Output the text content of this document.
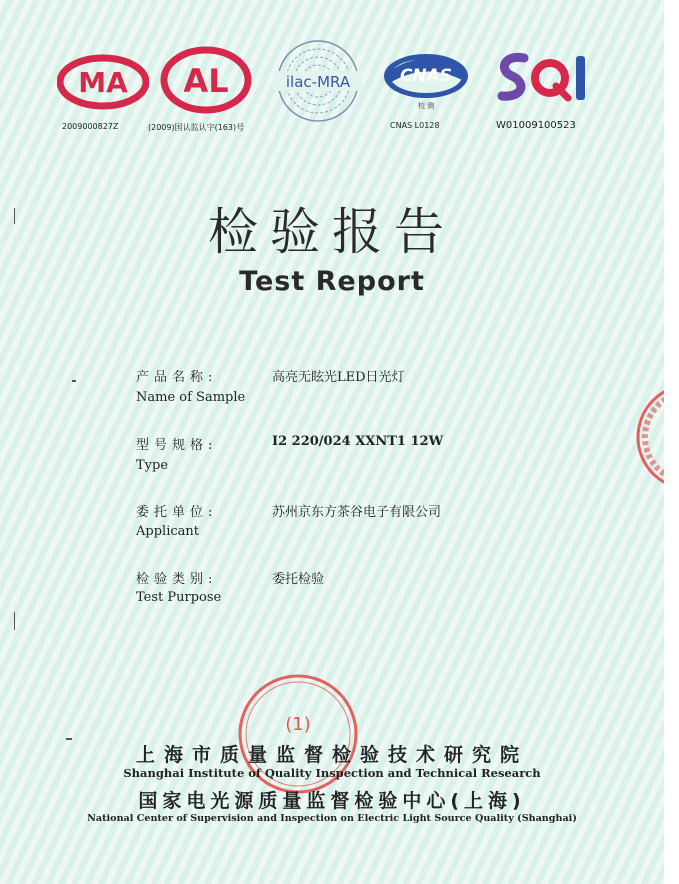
MA
2009000827Z
AL
(2009)国认监认字(163)号
ilac-MRA	CNAS
校 测
CNAS L0128	W01009100523
检验报告
Test Report
产品名称:
Name of Sample
高亮无眩光LED日光灯
型号规格:
Type
I2 220/024 XXNT1 12W
委托单位:
Applicant
苏州京东方茶谷电子有限公司
检验类别:
Test Purpose
委托检验
(1)
上海市质量监督检验技术研究院
Shanghai Institute of Quality Inspection and Technical Research
国家电光源质量监督检验中心(上海)
National Center of Supervision and Inspection on Electric Light Source Quality (Shanghai)
